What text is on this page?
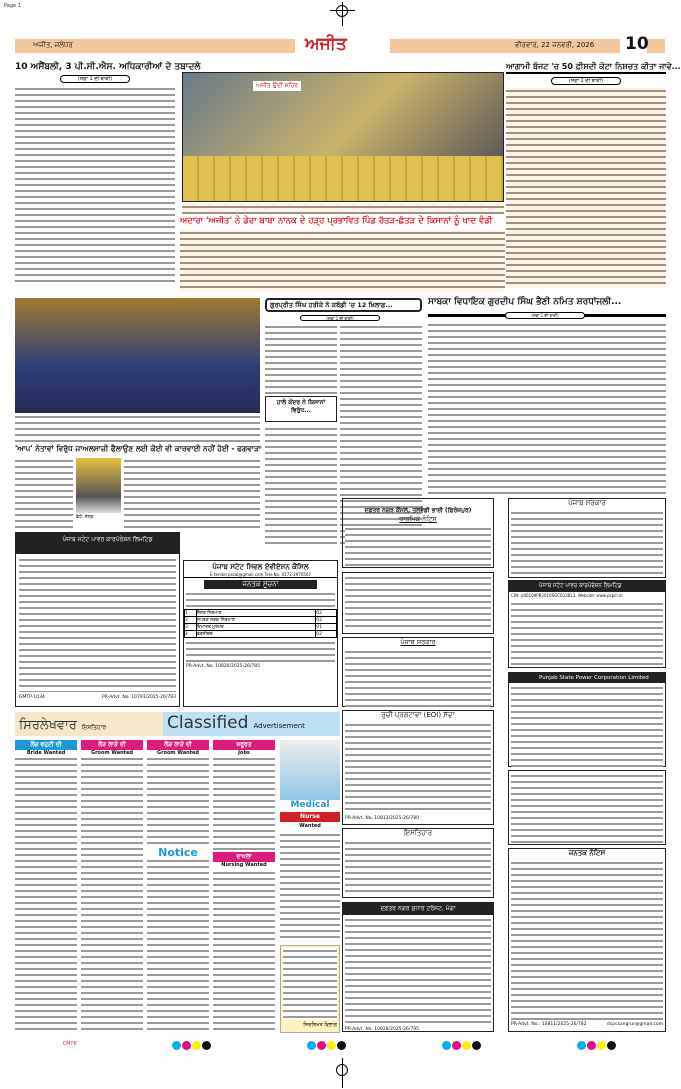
Page 1
ਅਜੀਤ, ਜਲੰਧਰ	ਅਜੀਤ	ਵੀਰਵਾਰ, 22 ਜਨਵਰੀ, 2026 10
10 ਅਸੈਂਬਲੀ, 3 ਪੀ.ਸੀ.ਐਸ. ਅਧਿਕਾਰੀਆਂ ਦੇ ਤਬਾਦਲੇ
(ਸਫ਼ਾ 1 ਦੀ ਬਾਕੀ)
ਅਜੀਤ ਉਦੀਂ ਸ਼ਹਿਰ
ਆਗਾਮੀ ਬੱਜਟ 'ਚ 50 ਫ਼ੀਸਦੀ ਕੋਟਾ ਨਿਸ਼ਚਤ ਕੀਤਾ ਜਾਵੇ...
(ਸਫ਼ਾ 1 ਦੀ ਬਾਕੀ)
ਅਦਾਰਾ 'ਅਜੀਤ' ਨੇ ਡੇਰਾ ਬਾਬਾ ਨਾਨਕ ਦੇ ਹੜ੍ਹ ਪ੍ਰਭਾਵਿਤ ਪਿੰਡ ਰੱਤੜ-ਛੱਤੜ ਦੇ ਕਿਸਾਨਾਂ ਨੂੰ ਖਾਦ ਵੰਡੀ
ਗੁਰਪ੍ਰੀਤ ਸਿੰਘ ਹਰੀਕੇ ਨੇ ਕਬੱਡੀ 'ਚ 12 ਖ਼ਿਲਾਫ਼...
(ਸਫ਼ਾ 1 ਦੀ ਬਾਕੀ)
ਸਾਬਕਾ ਵਿਧਾਇਕ ਗੁਰਦੀਪ ਸਿੰਘ ਭੈਣੀ ਨਮਿਤ ਸ਼ਰਧਾਂਜਲੀ...
(ਸਫ਼ਾ 1 ਦੀ ਬਾਕੀ)
ਹਾਲੇ ਕੇਂਦਰ ਨੇ ਕਿਸਾਨਾਂ ਵਿਰੁੱਧ...
'ਆਪ' ਨੇਤਾਵਾਂ ਵਿਰੁੱਧ ਜਾਅਲਸਾਜ਼ੀ ਫੈਲਾਉਣ ਲਈ ਕੋਈ ਵੀ ਕਾਰਵਾਈ ਨਹੀਂ ਹੋਈ - ਫਗਵਾੜਾ
ਫ਼ੋਟੋ: ਜੇਲ੍ਹ
ਪੰਜਾਬ ਸਟੇਟ ਪਾਵਰ ਕਾਰਪੋਰੇਸ਼ਨ ਲਿਮਟਿਡ
GMTP-1034	PR-Advt. No. 10791/2025-26/783
ਪੰਜਾਬ ਸਟੇਟ ਸਿਵਲ ਏਵੀਏਸ਼ਨ ਕੌਂਸਿਲ
E-tender.pscal@gmail.com Tele No. 0172-2970567
ਜਨਤਕ ਸੂਚਨਾ
1	ਸ਼ੈਲਰ ਨਿਰਮਾਣ	02
2	ਸੰਪਰਕ ਸੜਕ ਨਿਰਮਾਣ	02
3	ਇਮਾਰਤ ਮੁਰੰਮਤ	01
4	ਫ਼ਰਨੀਚਰ	02
PR-Advt. No. 10820/2025-26/785
ਦਫ਼ਤਰ ਨਗਰ ਕੌਂਸਲ, ਤਲਵੰਡੀ ਭਾਈ (ਫ਼ਿਰੋਜ਼ਪੁਰ)
ਧਾਰਮਿਕ ਨੋਟਿਸ
ਪੰਜਾਬ ਸਰਕਾਰ
ਰੁਚੀ ਪ੍ਰਗਟਾਵਾ (EOI) ਸੱਦਾ
PR-Advt. No. 10813/2025-26/780
ਇਸ਼ਤਿਹਾਰ
ਦਫ਼ਤਰ ਨਗਰ ਸੁਧਾਰ ਟਰੱਸਟ, ਮੋਗਾ
PR-Advt. No. 10828/2025-26/795
ਪੰਜਾਬ ਸਰਕਾਰ
ਪੰਜਾਬ ਸਟੇਟ ਪਾਵਰ ਕਾਰਪੋਰੇਸ਼ਨ ਲਿਮਟਿਡ
CIN: U40109PB2010SGC033813, Website: www.pspcl.in
Punjab State Power Corporation Limited
ਜਨਤਕ ਨੋਟਿਸ
PR-Advt. No.: 10811/2025-26/782	dcpcsangrur@gmail.com
ਸਿਰਲੇਖਵਾਰ ਇਸ਼ਤਿਹਾਰ	Classified Advertisement
ਲੋੜ ਵਹੁਟੀ ਦੀ
Bride Wanted
ਲੋੜ ਲਾੜੇ ਦੀ
Groom Wanted
ਲੋੜ ਲਾੜੇ ਦੀ
Groom Wanted
ਜ਼ਰੂਰਤ
Jobs
Notice	ਦਾਖ਼ਲਾ
Nursing Wanted
Medical
Nurse
Wanted
ਸਿਰਲਿਖਤ ਵਿਭਾਗ
CMYK
